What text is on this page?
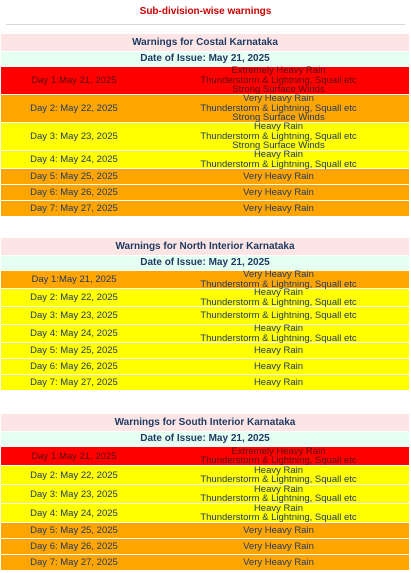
Sub-division-wise warnings
Warnings for Costal Karnataka
Date of Issue: May 21, 2025
Day 1:May 21, 2025
Extremely Heavy Rain
Thunderstorm & Lightning, Squall etc
Strong Surface Winds
Day 2: May 22, 2025
Very Heavy Rain
Thunderstorm & Lightning, Squall etc
Strong Surface Winds
Day 3: May 23, 2025
Heavy Rain
Thunderstorm & Lightning, Squall etc
Strong Surface Winds
Day 4: May 24, 2025	Heavy Rain
Thunderstorm & Lightning, Squall etc
Day 5: May 25, 2025	Very Heavy Rain
Day 6: May 26, 2025	Very Heavy Rain
Day 7: May 27, 2025	Very Heavy Rain
Warnings for North Interior Karnataka
Date of Issue: May 21, 2025
Day 1:May 21, 2025	Very Heavy Rain
Thunderstorm & Lightning, Squall etc
Day 2: May 22, 2025	Heavy Rain
Thunderstorm & Lightning, Squall etc
Day 3: May 23, 2025	Thunderstorm & Lightning, Squall etc
Day 4: May 24, 2025	Heavy Rain
Thunderstorm & Lightning, Squall etc
Day 5: May 25, 2025	Heavy Rain
Day 6: May 26, 2025	Heavy Rain
Day 7: May 27, 2025	Heavy Rain
Warnings for South Interior Karnataka
Date of Issue: May 21, 2025
Day 1:May 21, 2025	Extremely Heavy Rain
Thunderstorm & Lightning, Squall etc
Day 2: May 22, 2025	Heavy Rain
Thunderstorm & Lightning, Squall etc
Day 3: May 23, 2025	Heavy Rain
Thunderstorm & Lightning, Squall etc
Day 4: May 24, 2025	Heavy Rain
Thunderstorm & Lightning, Squall etc
Day 5: May 25, 2025	Very Heavy Rain
Day 6: May 26, 2025	Very Heavy Rain
Day 7: May 27, 2025	Very Heavy Rain
